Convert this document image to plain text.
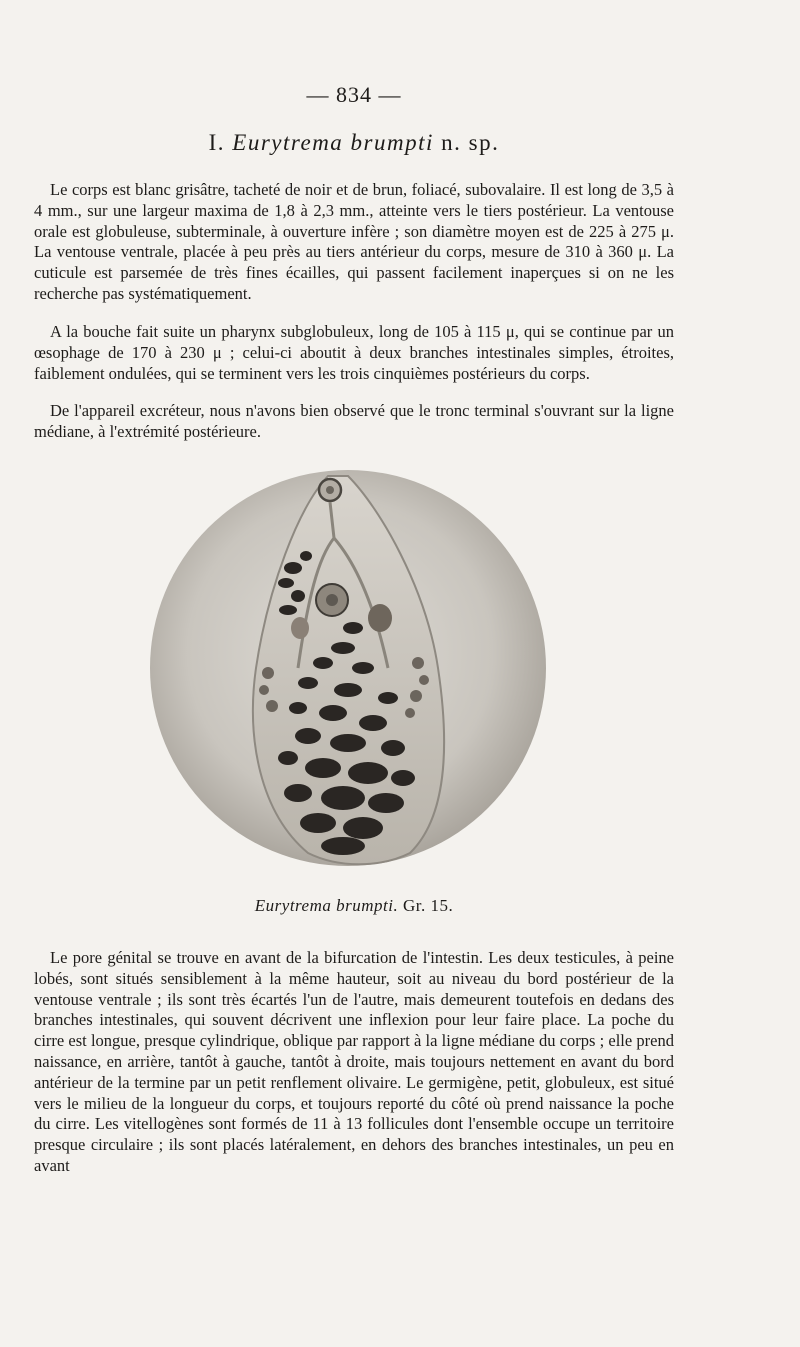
— 834 —
I. Eurytrema brumpti n. sp.

Le corps est blanc grisâtre, tacheté de noir et de brun, foliacé, subovalaire. Il est long de 3,5 à 4 mm., sur une largeur maxima de 1,8 à 2,3 mm., atteinte vers le tiers postérieur. La ventouse orale est globuleuse, subterminale, à ouverture infère ; son diamètre moyen est de 225 à 275 μ. La ventouse ventrale, placée à peu près au tiers antérieur du corps, mesure de 310 à 360 μ. La cuticule est parsemée de très fines écailles, qui passent facilement inaperçues si on ne les recherche pas systématiquement.

A la bouche fait suite un pharynx subglobuleux, long de 105 à 115 μ, qui se continue par un œsophage de 170 à 230 μ ; celui-ci aboutit à deux branches intestinales simples, étroites, faiblement ondulées, qui se terminent vers les trois cinquièmes postérieurs du corps.

De l'appareil excréteur, nous n'avons bien observé que le tronc terminal s'ouvrant sur la ligne médiane, à l'extrémité postérieure.

Eurytrema brumpti. Gr. 15.

Le pore génital se trouve en avant de la bifurcation de l'intestin. Les deux testicules, à peine lobés, sont situés sensiblement à la même hauteur, soit au niveau du bord postérieur de la ventouse ventrale ; ils sont très écartés l'un de l'autre, mais demeurent toutefois en dedans des branches intestinales, qui souvent décrivent une inflexion pour leur faire place. La poche du cirre est longue, presque cylindrique, oblique par rapport à la ligne médiane du corps ; elle prend naissance, en arrière, tantôt à gauche, tantôt à droite, mais toujours nettement en avant du bord antérieur de la termine par un petit renflement olivaire. Le germigène, petit, globuleux, est situé vers le milieu de la longueur du corps, et toujours reporté du côté où prend naissance la poche du cirre. Les vitellogènes sont formés de 11 à 13 follicules dont l'ensemble occupe un territoire presque circulaire ; ils sont placés latéralement, en dehors des branches intestinales, un peu en avant
